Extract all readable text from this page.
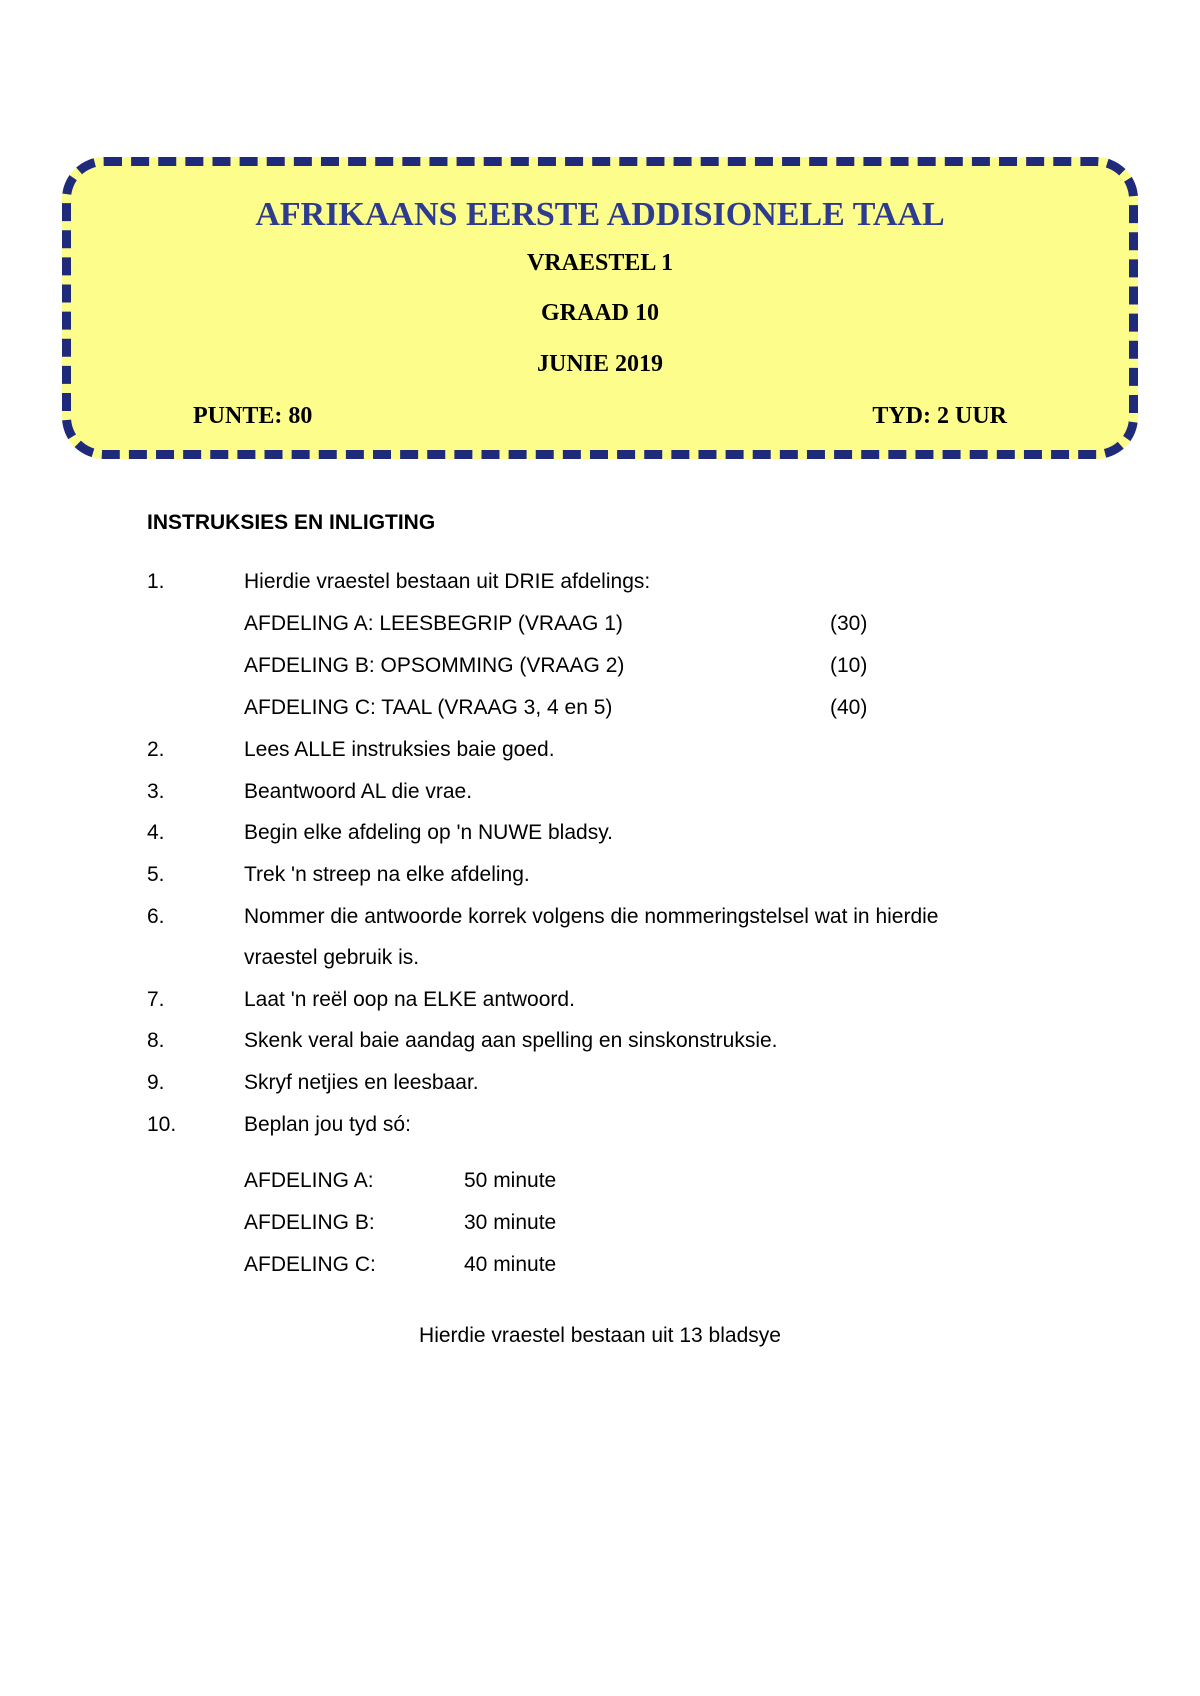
AFRIKAANS EERSTE ADDISIONELE TAAL
VRAESTEL 1
GRAAD 10
JUNIE 2019
PUNTE: 80	TYD: 2 UUR
INSTRUKSIES EN INLIGTING
1.	Hierdie vraestel bestaan uit DRIE afdelings:
AFDELING A: LEESBEGRIP (VRAAG 1)	(30)
AFDELING B: OPSOMMING (VRAAG 2)	(10)
AFDELING C: TAAL (VRAAG 3, 4 en 5)	(40)
2.	Lees ALLE instruksies baie goed.
3.	Beantwoord AL die vrae.
4.	Begin elke afdeling op 'n NUWE bladsy.
5.	Trek 'n streep na elke afdeling.
6.	Nommer die antwoorde korrek volgens die nommeringstelsel wat in hierdie
vraestel gebruik is.
7.	Laat 'n reël oop na ELKE antwoord.
8.	Skenk veral baie aandag aan spelling en sinskonstruksie.
9.	Skryf netjies en leesbaar.
10.	Beplan jou tyd só:
AFDELING A:	50 minute
AFDELING B:	30 minute
AFDELING C:	40 minute
Hierdie vraestel bestaan uit 13 bladsye
